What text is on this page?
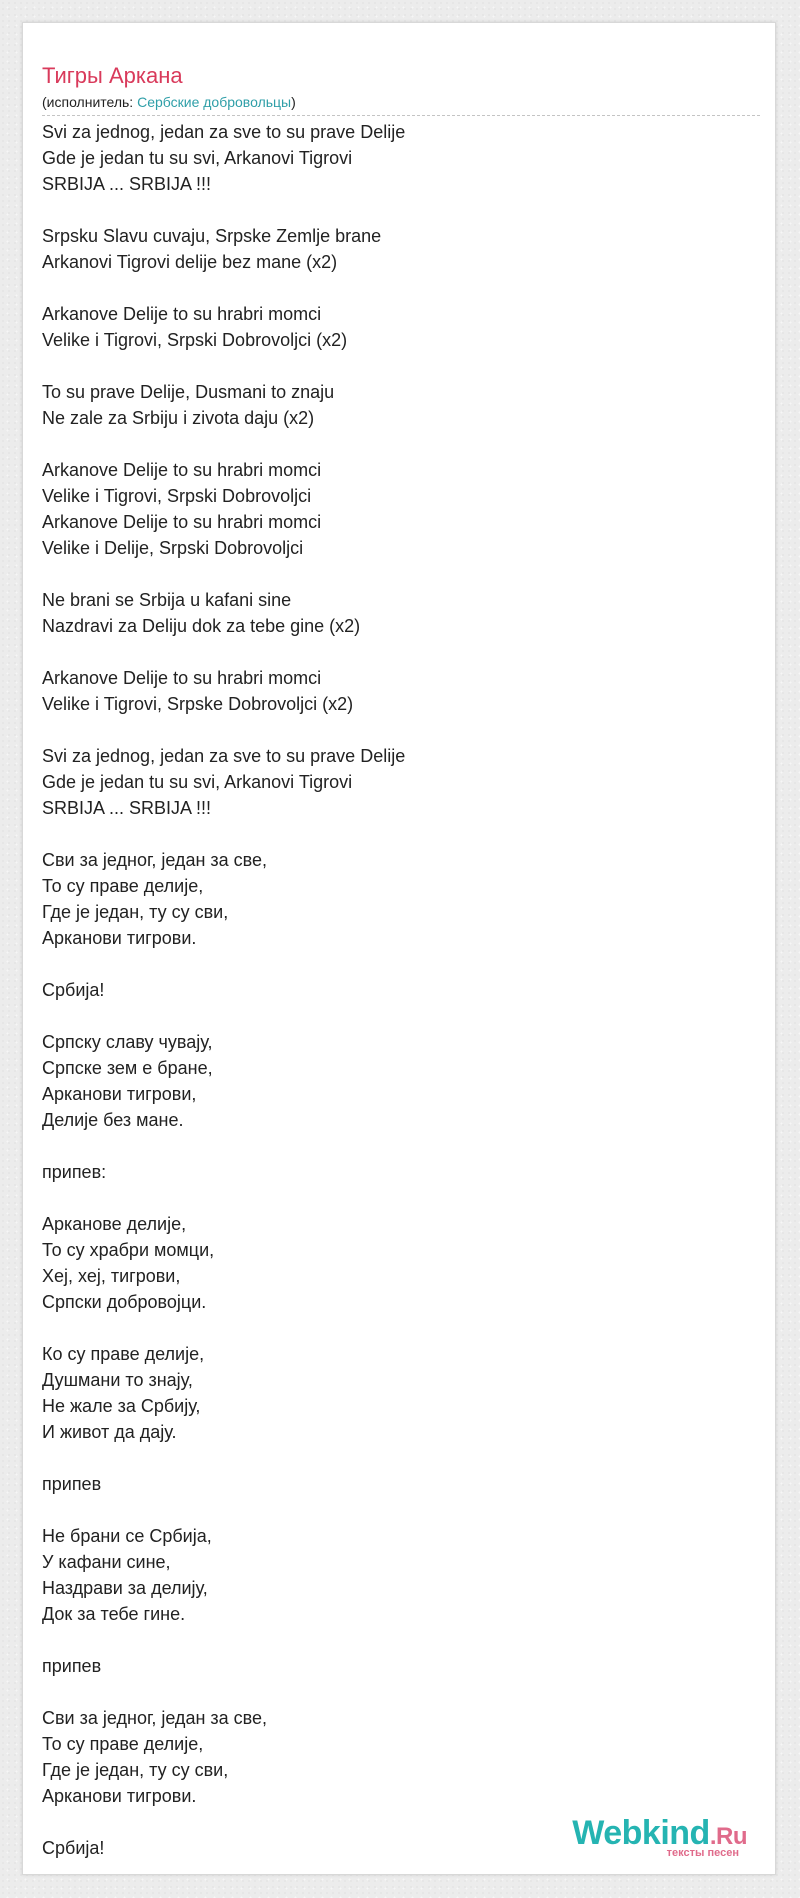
Тигры Аркана
(исполнитель: Сербские добровольцы)
Svi za jednog, jedan za sve to su prave Delije
Gde je jedan tu su svi, Arkanovi Tigrovi
SRBIJA ... SRBIJA !!!
Srpsku Slavu cuvaju, Srpske Zemlje brane
Arkanovi Tigrovi delije bez mane (x2)
Arkanove Delije to su hrabri momci
Velike i Tigrovi, Srpski Dobrovoljci (x2)
To su prave Delije, Dusmani to znaju
Ne zale za Srbiju i zivota daju (x2)
Arkanove Delije to su hrabri momci
Velike i Tigrovi, Srpski Dobrovoljci
Arkanove Delije to su hrabri momci
Velike i Delije, Srpski Dobrovoljci
Ne brani se Srbija u kafani sine
Nazdravi za Deliju dok za tebe gine (x2)
Arkanove Delije to su hrabri momci
Velike i Tigrovi, Srpske Dobrovoljci (x2)
Svi za jednog, jedan za sve to su prave Delije
Gde je jedan tu su svi, Arkanovi Tigrovi
SRBIJA ... SRBIJA !!!
Сви за једног, један за све,
То су праве делије,
Где је један, ту су сви,
Арканови тигрови.
Србија!
Српску славу чувају,
Српске зем е бране,
Арканови тигрови,
Делије без мане.
припев:
Арканове делије,
То су храбри момци,
Хеј, хеј, тигрови,
Српски добровојци.
Ко су праве делије,
Душмани то знају,
Не жале за Србију,
И живот да дају.
припев
Не брани се Србија,
У кафани сине,
Наздрави за делију,
Док за тебе гине.
припев
Сви за једног, један за све,
То су праве делије,
Где је један, ту су сви,
Арканови тигрови.
Србија!	Webkind.Ru
тексты песен
